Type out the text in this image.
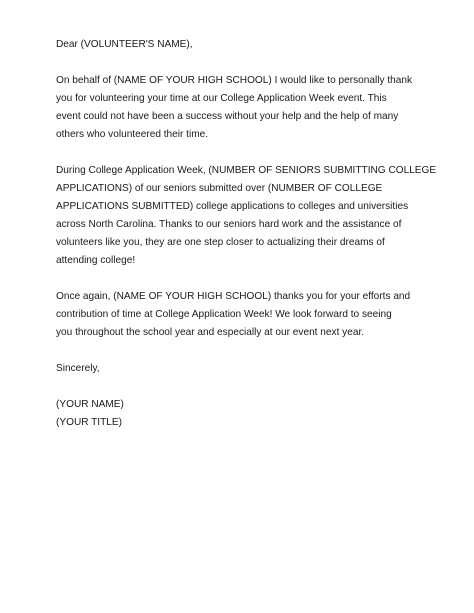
Dear (VOLUNTEER'S NAME),
On behalf of (NAME OF YOUR HIGH SCHOOL) I would like to personally thank
you for volunteering your time at our College Application Week event. This
event could not have been a success without your help and the help of many
others who volunteered their time.
During College Application Week, (NUMBER OF SENIORS SUBMITTING COLLEGE
APPLICATIONS) of our seniors submitted over (NUMBER OF COLLEGE
APPLICATIONS SUBMITTED) college applications to colleges and universities
across North Carolina. Thanks to our seniors hard work and the assistance of
volunteers like you, they are one step closer to actualizing their dreams of
attending college!
Once again, (NAME OF YOUR HIGH SCHOOL) thanks you for your efforts and
contribution of time at College Application Week! We look forward to seeing
you throughout the school year and especially at our event next year.
Sincerely,
(YOUR NAME)
(YOUR TITLE)
